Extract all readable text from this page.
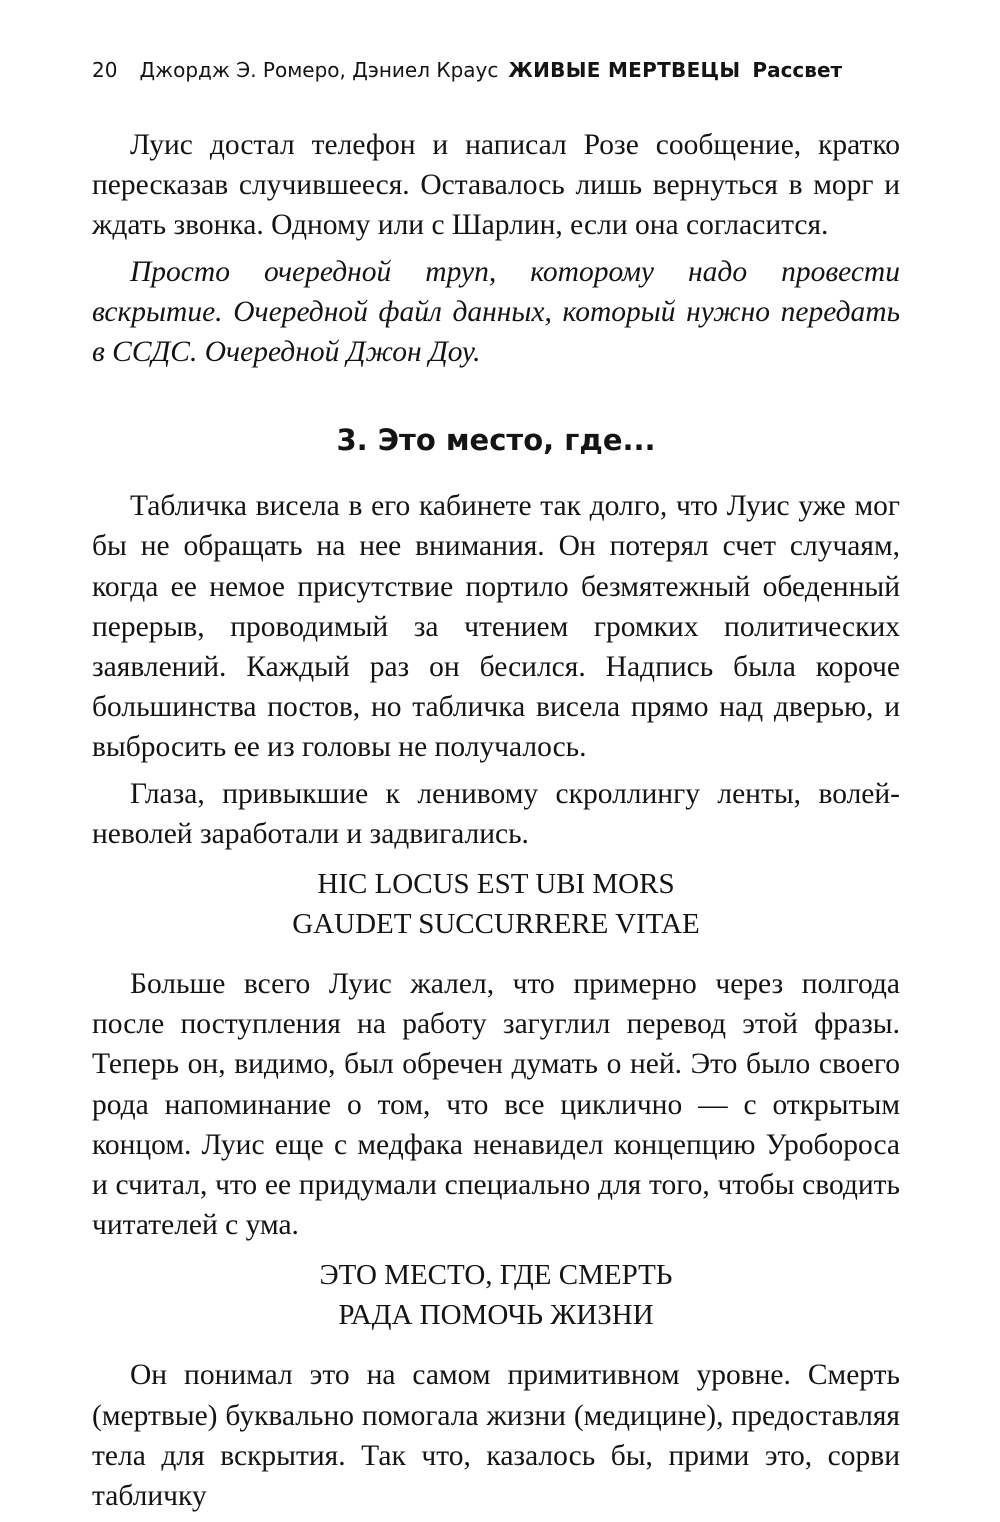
20 Джордж Э. Ромеро, Дэниел Краус ЖИВЫЕ МЕРТВЕЦЫ Рассвет

Луис достал телефон и написал Розе сообщение, кратко пересказав случившееся. Оставалось лишь вернуться в морг и ждать звонка. Одному или с Шарлин, если она согласится.

Просто очередной труп, которому надо провести вскрытие. Очередной файл данных, который нужно передать в ССДС. Очередной Джон Доу.

3. Это место, где...

Табличка висела в его кабинете так долго, что Луис уже мог бы не обращать на нее внимания. Он потерял счет случаям, когда ее немое присутствие портило безмятежный обеденный перерыв, проводимый за чтением громких политических заявлений. Каждый раз он бесился. Надпись была короче большинства постов, но табличка висела прямо над дверью, и выбросить ее из головы не получалось.

Глаза, привыкшие к ленивому скроллингу ленты, волей-неволей заработали и задвигались.

HIC LOCUS EST UBI MORS
GAUDET SUCCURRERE VITAE

Больше всего Луис жалел, что примерно через полгода после поступления на работу загуглил перевод этой фразы. Теперь он, видимо, был обречен думать о ней. Это было своего рода напоминание о том, что все циклично — с открытым концом. Луис еще с медфака ненавидел концепцию Уробороса и считал, что ее придумали специально для того, чтобы сводить читателей с ума.

ЭТО МЕСТО, ГДЕ СМЕРТЬ
РАДА ПОМОЧЬ ЖИЗНИ

Он понимал это на самом примитивном уровне. Смерть (мертвые) буквально помогала жизни (медицине), предоставляя тела для вскрытия. Так что, казалось бы, прими это, сорви табличку
